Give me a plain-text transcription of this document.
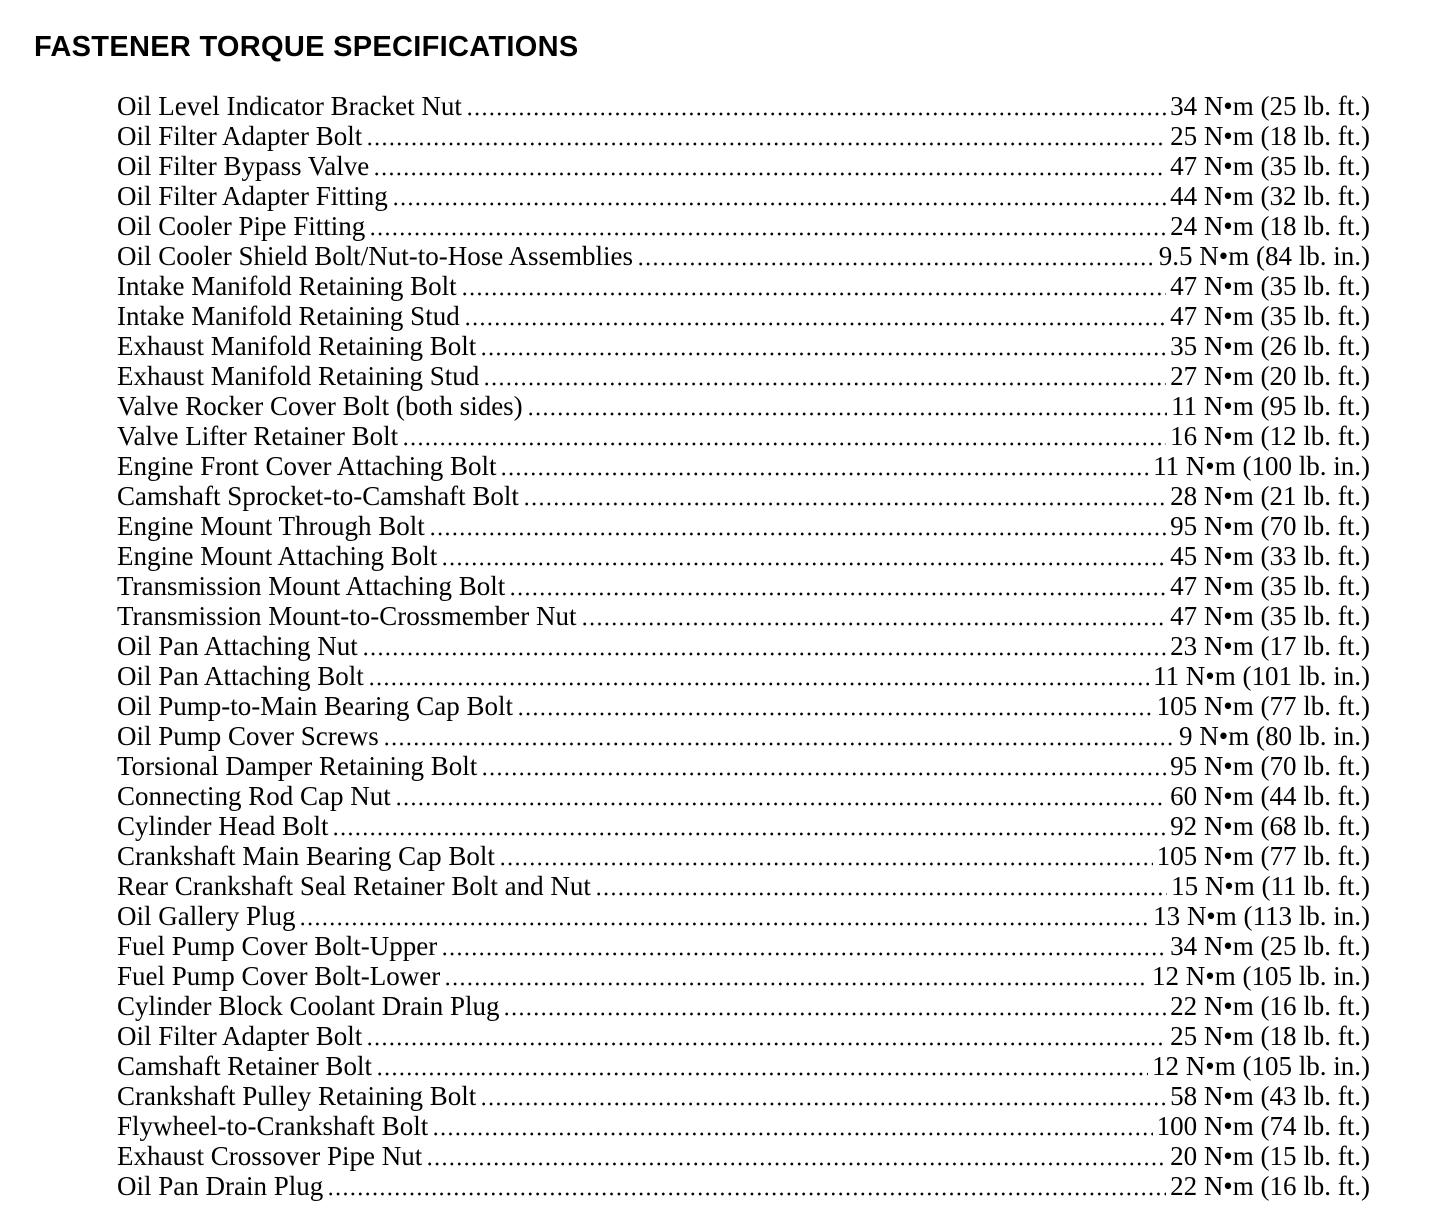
FASTENER TORQUE SPECIFICATIONS
Oil Level Indicator Bracket Nut	34 N•m (25 lb. ft.)
Oil Filter Adapter Bolt	25 N•m (18 lb. ft.)
Oil Filter Bypass Valve	47 N•m (35 lb. ft.)
Oil Filter Adapter Fitting	44 N•m (32 lb. ft.)
Oil Cooler Pipe Fitting	24 N•m (18 lb. ft.)
Oil Cooler Shield Bolt/Nut-to-Hose Assemblies	9.5 N•m (84 lb. in.)
Intake Manifold Retaining Bolt	47 N•m (35 lb. ft.)
Intake Manifold Retaining Stud	47 N•m (35 lb. ft.)
Exhaust Manifold Retaining Bolt	35 N•m (26 lb. ft.)
Exhaust Manifold Retaining Stud	27 N•m (20 lb. ft.)
Valve Rocker Cover Bolt (both sides)	11 N•m (95 lb. ft.)
Valve Lifter Retainer Bolt	16 N•m (12 lb. ft.)
Engine Front Cover Attaching Bolt	11 N•m (100 lb. in.)
Camshaft Sprocket-to-Camshaft Bolt	28 N•m (21 lb. ft.)
Engine Mount Through Bolt	95 N•m (70 lb. ft.)
Engine Mount Attaching Bolt	45 N•m (33 lb. ft.)
Transmission Mount Attaching Bolt	47 N•m (35 lb. ft.)
Transmission Mount-to-Crossmember Nut	47 N•m (35 lb. ft.)
Oil Pan Attaching Nut	23 N•m (17 lb. ft.)
Oil Pan Attaching Bolt	11 N•m (101 lb. in.)
Oil Pump-to-Main Bearing Cap Bolt	105 N•m (77 lb. ft.)
Oil Pump Cover Screws	9 N•m (80 lb. in.)
Torsional Damper Retaining Bolt	95 N•m (70 lb. ft.)
Connecting Rod Cap Nut	60 N•m (44 lb. ft.)
Cylinder Head Bolt	92 N•m (68 lb. ft.)
Crankshaft Main Bearing Cap Bolt	105 N•m (77 lb. ft.)
Rear Crankshaft Seal Retainer Bolt and Nut	15 N•m (11 lb. ft.)
Oil Gallery Plug	13 N•m (113 lb. in.)
Fuel Pump Cover Bolt-Upper	34 N•m (25 lb. ft.)
Fuel Pump Cover Bolt-Lower	12 N•m (105 lb. in.)
Cylinder Block Coolant Drain Plug	22 N•m (16 lb. ft.)
Oil Filter Adapter Bolt	25 N•m (18 lb. ft.)
Camshaft Retainer Bolt	12 N•m (105 lb. in.)
Crankshaft Pulley Retaining Bolt	58 N•m (43 lb. ft.)
Flywheel-to-Crankshaft Bolt	100 N•m (74 lb. ft.)
Exhaust Crossover Pipe Nut	20 N•m (15 lb. ft.)
Oil Pan Drain Plug	22 N•m (16 lb. ft.)
